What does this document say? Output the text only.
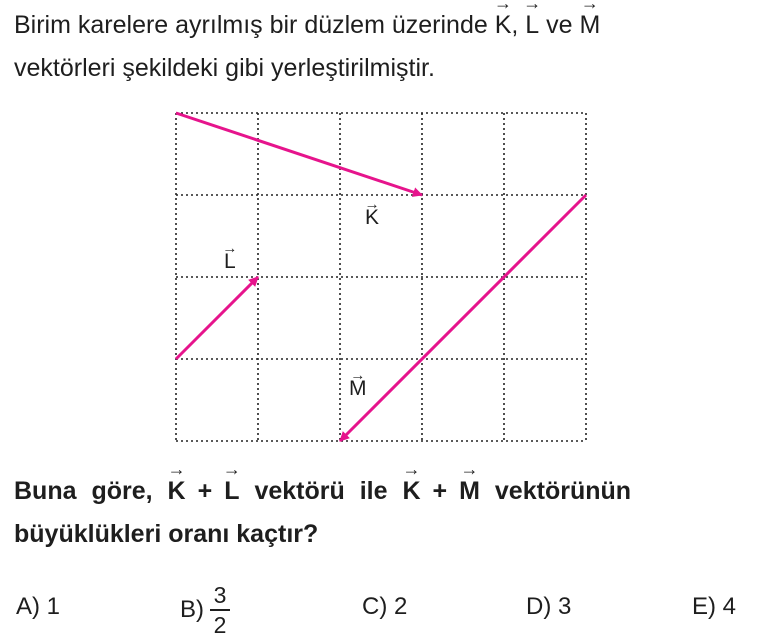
Birim karelere ayrılmış bir düzlem üzerinde → K, → L ve → M
vektörleri şekildeki gibi yerleştirilmiştir.
→ K
→ L
→ M
Buna göre, → K + → L vektörü ile → K + → M vektörünün
büyüklükleri oranı kaçtır?
A) 1	$B) \frac{3}{2}$	C) 2	D) 3	E) 4
